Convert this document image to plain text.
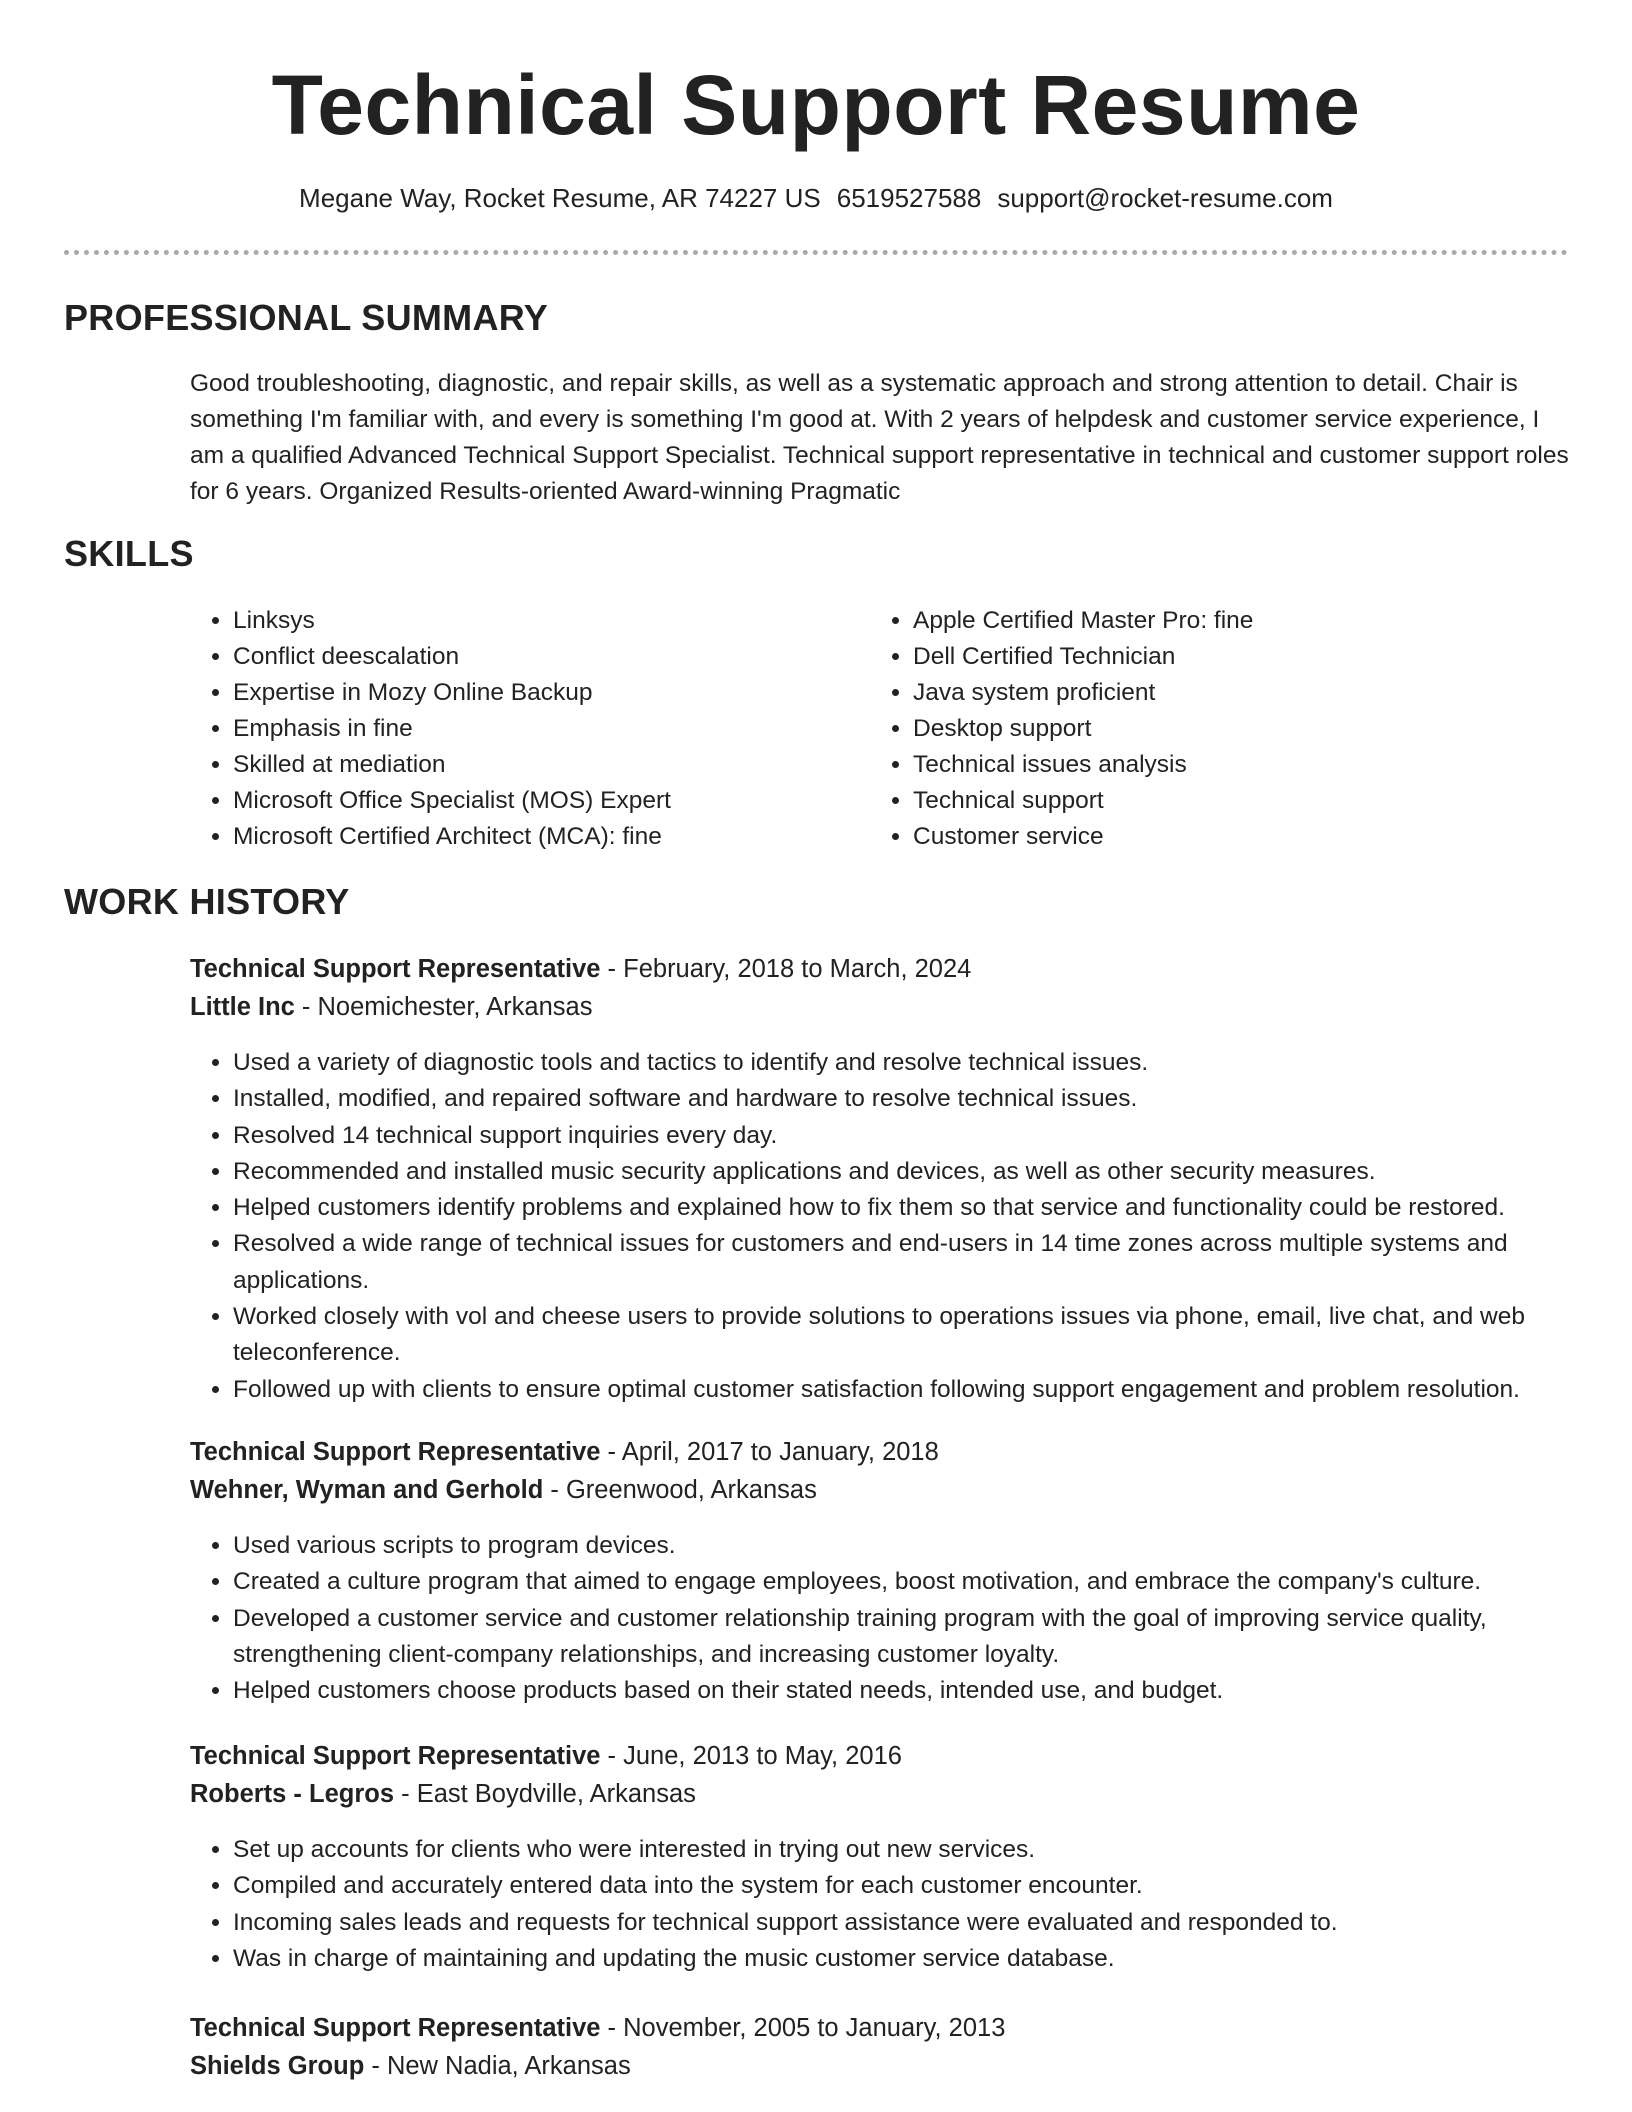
Technical Support Resume
Megane Way, Rocket Resume, AR 74227 US 6519527588 support@rocket-resume.com
PROFESSIONAL SUMMARY
Good troubleshooting, diagnostic, and repair skills, as well as a systematic approach and strong attention to detail. Chair is something I'm familiar with, and every is something I'm good at. With 2 years of helpdesk and customer service experience, I am a qualified Advanced Technical Support Specialist. Technical support representative in technical and customer support roles for 6 years. Organized Results-oriented Award-winning Pragmatic
SKILLS
• Linksys
• Conflict deescalation
• Expertise in Mozy Online Backup
• Emphasis in fine
• Skilled at mediation
• Microsoft Office Specialist (MOS) Expert
• Microsoft Certified Architect (MCA): fine
• Apple Certified Master Pro: fine
• Dell Certified Technician
• Java system proficient
• Desktop support
• Technical issues analysis
• Technical support
• Customer service
WORK HISTORY
Technical Support Representative - February, 2018 to March, 2024
Little Inc - Noemichester, Arkansas
• Used a variety of diagnostic tools and tactics to identify and resolve technical issues.
• Installed, modified, and repaired software and hardware to resolve technical issues.
• Resolved 14 technical support inquiries every day.
• Recommended and installed music security applications and devices, as well as other security measures.
• Helped customers identify problems and explained how to fix them so that service and functionality could be restored.
• Resolved a wide range of technical issues for customers and end-users in 14 time zones across multiple systems and applications.
• Worked closely with vol and cheese users to provide solutions to operations issues via phone, email, live chat, and web teleconference.
• Followed up with clients to ensure optimal customer satisfaction following support engagement and problem resolution.
Technical Support Representative - April, 2017 to January, 2018
Wehner, Wyman and Gerhold - Greenwood, Arkansas
• Used various scripts to program devices.
• Created a culture program that aimed to engage employees, boost motivation, and embrace the company's culture.
• Developed a customer service and customer relationship training program with the goal of improving service quality, strengthening client-company relationships, and increasing customer loyalty.
• Helped customers choose products based on their stated needs, intended use, and budget.
Technical Support Representative - June, 2013 to May, 2016
Roberts - Legros - East Boydville, Arkansas
• Set up accounts for clients who were interested in trying out new services.
• Compiled and accurately entered data into the system for each customer encounter.
• Incoming sales leads and requests for technical support assistance were evaluated and responded to.
• Was in charge of maintaining and updating the music customer service database.
Technical Support Representative - November, 2005 to January, 2013
Shields Group - New Nadia, Arkansas
